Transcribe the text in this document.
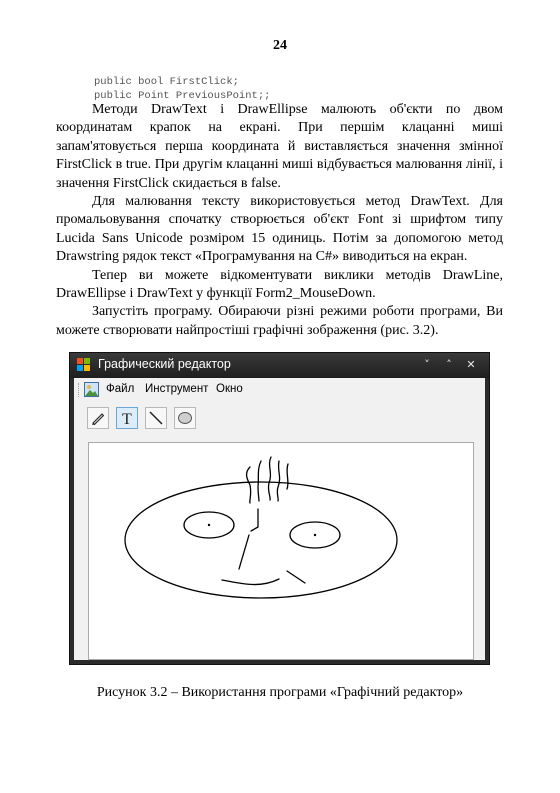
24
public bool FirstClick;
public Point PreviousPoint;;

Методи DrawText і DrawEllipse малюють об'єкти по двом координатам крапок на екрані. При першім клацанні миші запам'ятовується перша координата й виставляється значення змінної FirstClick в true. При другім клацанні миші відбувається малювання лінії, і значення FirstClick скидається в false.

Для малювання тексту використовується метод DrawText. Для промальовування спочатку створюється об'єкт Font зі шрифтом типу Lucida Sans Unicode розміром 15 одиниць. Потім за допомогою метод Drawstring рядок текст «Програмування на C#» виводиться на екран.

Тепер ви можете відкоментувати виклики методів DrawLine, DrawEllipse і DrawText у функції Form2_MouseDown.

Запустіть програму. Обираючи різні режими роботи програми, Ви можете створювати найпростіші графічні зображення (рис. 3.2).

Графический редактор	˅	˄	✕
Файл Инструмент Окно
T
Рисунок 3.2 – Використання програми «Графічний редактор»
